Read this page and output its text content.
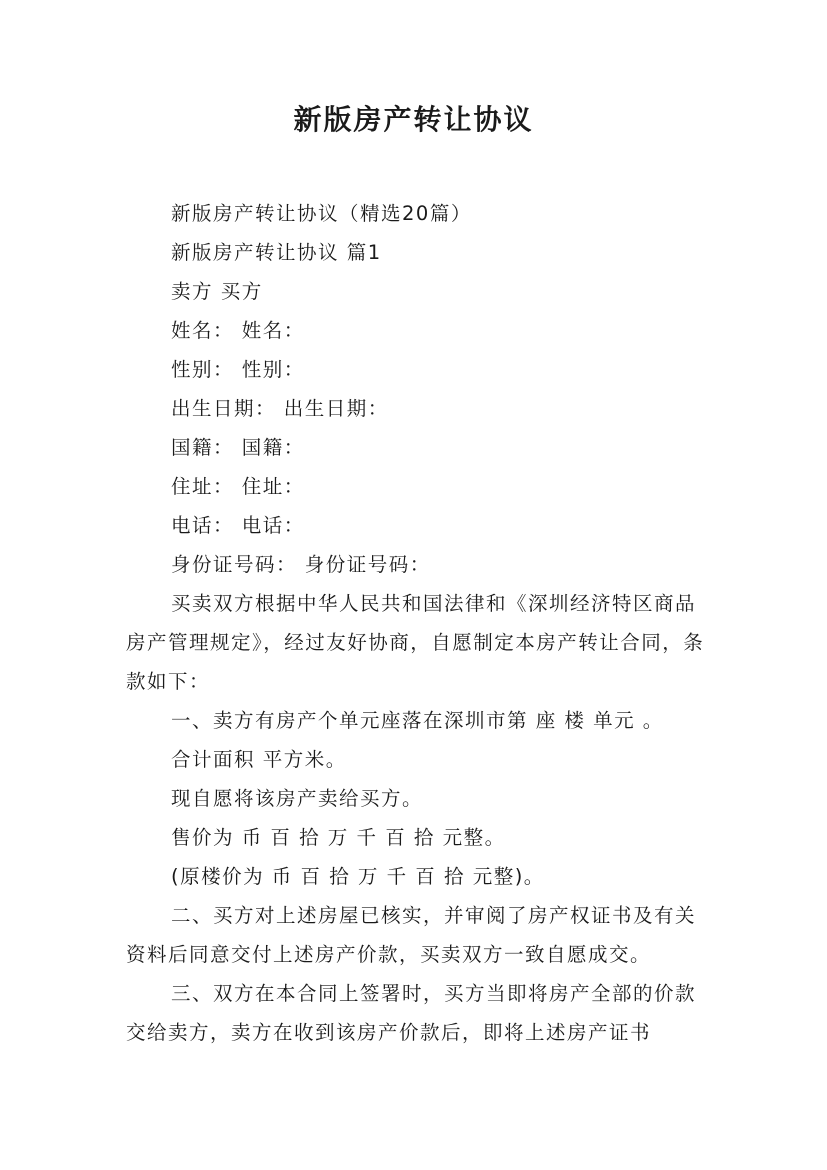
新版房产转让协议

新版房产转让协议（精选20篇）

新版房产转让协议 篇1

卖方 买方

姓名： 姓名：

性别： 性别：

出生日期： 出生日期：

国籍： 国籍：

住址： 住址：

电话： 电话：

身份证号码： 身份证号码：

买卖双方根据中华人民共和国法律和《深圳经济特区商品房产管理规定》，经过友好协商，自愿制定本房产转让合同，条款如下：

一、卖方有房产个单元座落在深圳市第 座 楼 单元 。

合计面积 平方米。

现自愿将该房产卖给买方。

售价为 币 百 拾 万 千 百 拾 元整。

(原楼价为 币 百 拾 万 千 百 拾 元整)。

二、买方对上述房屋已核实，并审阅了房产权证书及有关资料后同意交付上述房产价款，买卖双方一致自愿成交。

三、双方在本合同上签署时，买方当即将房产全部的价款交给卖方，卖方在收到该房产价款后，即将上述房产证书
